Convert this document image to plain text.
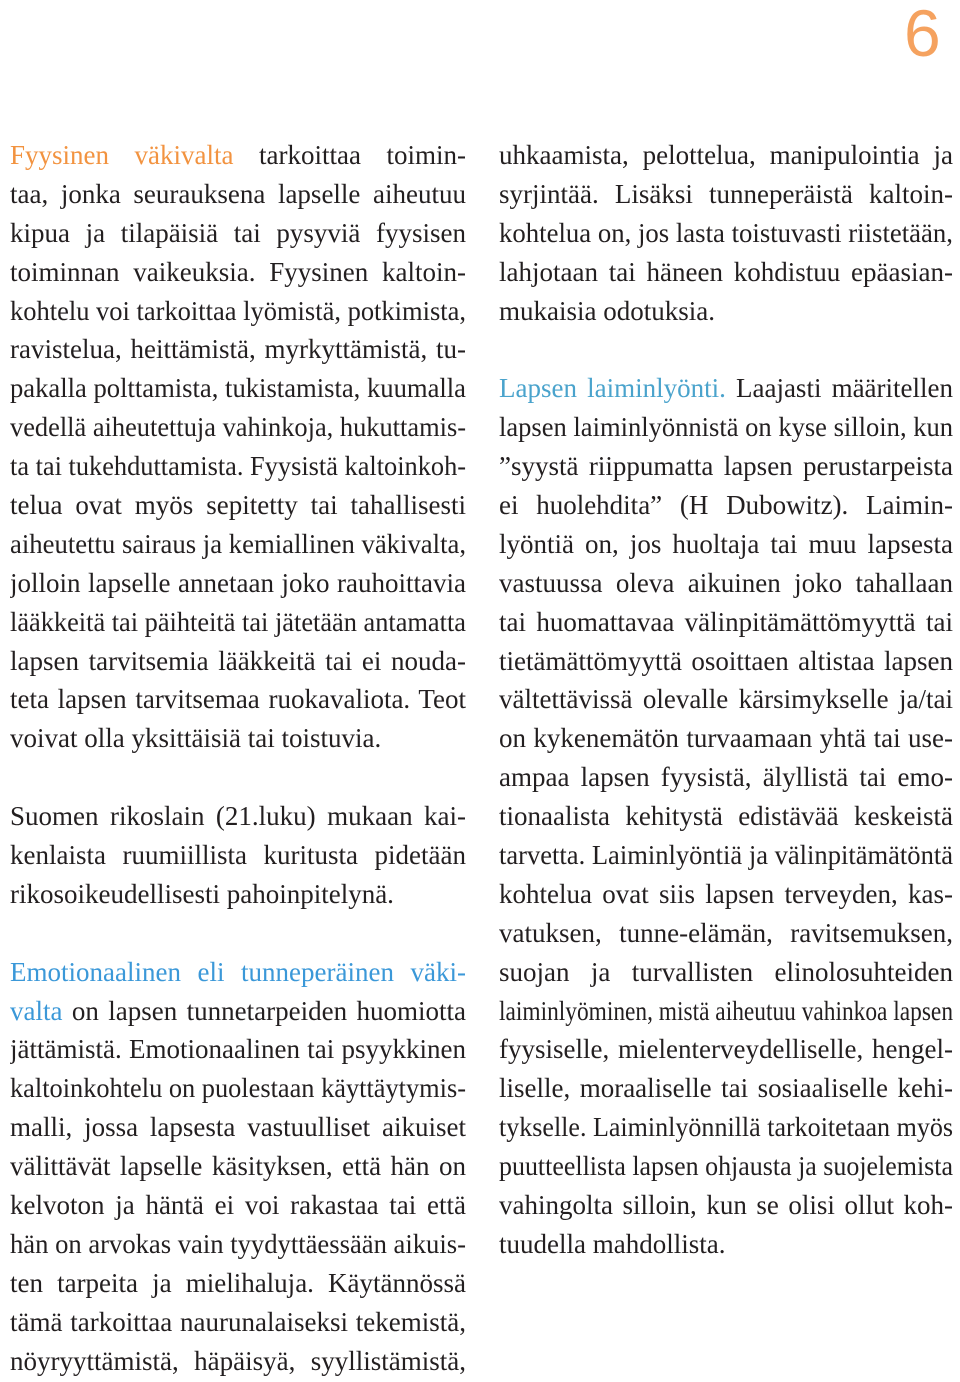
6
Fyysinen väkivalta tarkoittaa toimin-
taa, jonka seurauksena lapselle aiheutuu
kipua ja tilapäisiä tai pysyviä fyysisen
toiminnan vaikeuksia. Fyysinen kaltoin-
kohtelu voi tarkoittaa lyömistä, potkimista,
ravistelua, heittämistä, myrkyttämistä, tu-
pakalla polttamista, tukistamista, kuumalla
vedellä aiheutettuja vahinkoja, hukuttamis-
ta tai tukehduttamista. Fyysistä kaltoinkoh-
telua ovat myös sepitetty tai tahallisesti
aiheutettu sairaus ja kemiallinen väkivalta,
jolloin lapselle annetaan joko rauhoittavia
lääkkeitä tai päihteitä tai jätetään antamatta
lapsen tarvitsemia lääkkeitä tai ei nouda-
teta lapsen tarvitsemaa ruokavaliota. Teot
voivat olla yksittäisiä tai toistuvia.
Suomen rikoslain (21.luku) mukaan kai-
kenlaista ruumiillista kuritusta pidetään
rikosoikeudellisesti pahoinpitelynä.
Emotionaalinen eli tunneperäinen väki-
valta on lapsen tunnetarpeiden huomiotta
jättämistä. Emotionaalinen tai psyykkinen
kaltoinkohtelu on puolestaan käyttäytymis-
malli, jossa lapsesta vastuulliset aikuiset
välittävät lapselle käsityksen, että hän on
kelvoton ja häntä ei voi rakastaa tai että
hän on arvokas vain tyydyttäessään aikuis-
ten tarpeita ja mielihaluja. Käytännössä
tämä tarkoittaa naurunalaiseksi tekemistä,
nöyryyttämistä, häpäisyä, syyllistämistä,
uhkaamista, pelottelua, manipulointia ja
syrjintää. Lisäksi tunneperäistä kaltoin-
kohtelua on, jos lasta toistuvasti riistetään,
lahjotaan tai häneen kohdistuu epäasian-
mukaisia odotuksia.
Lapsen laiminlyönti. Laajasti määritellen
lapsen laiminlyönnistä on kyse silloin, kun
”syystä riippumatta lapsen perustarpeista
ei huolehdita” (H Dubowitz). Laimin-
lyöntiä on, jos huoltaja tai muu lapsesta
vastuussa oleva aikuinen joko tahallaan
tai huomattavaa välinpitämättömyyttä tai
tietämättömyyttä osoittaen altistaa lapsen
vältettävissä olevalle kärsimykselle ja/tai
on kykenemätön turvaamaan yhtä tai use-
ampaa lapsen fyysistä, älyllistä tai emo-
tionaalista kehitystä edistävää keskeistä
tarvetta. Laiminlyöntiä ja välinpitämätöntä
kohtelua ovat siis lapsen terveyden, kas-
vatuksen, tunne-elämän, ravitsemuksen,
suojan ja turvallisten elinolosuhteiden
laiminlyöminen, mistä aiheutuu vahinkoa lapsen
fyysiselle, mielenterveydelliselle, hengel-
liselle, moraaliselle tai sosiaaliselle kehi-
tykselle. Laiminlyönnillä tarkoitetaan myös
puutteellista lapsen ohjausta ja suojelemista
vahingolta silloin, kun se olisi ollut koh-
tuudella mahdollista.
